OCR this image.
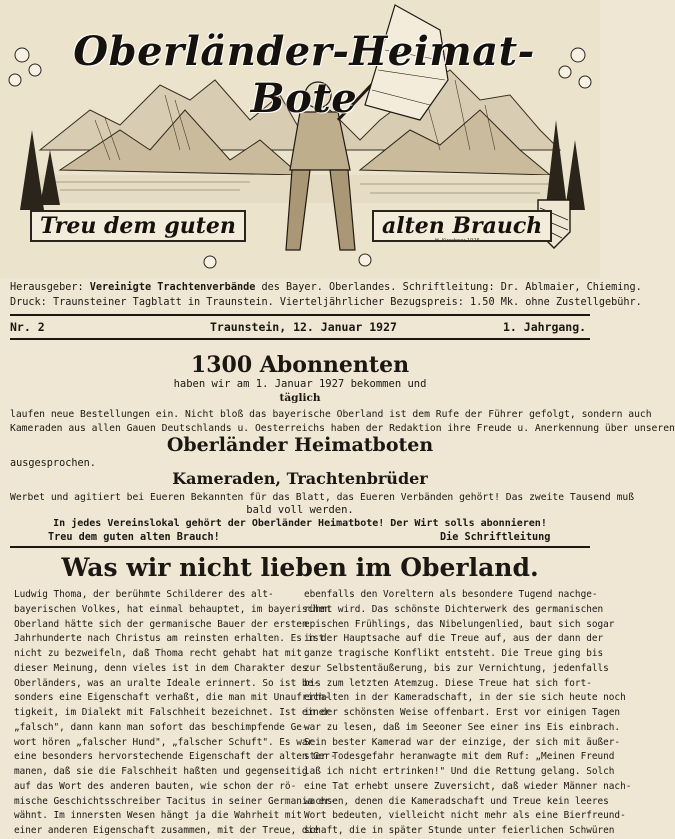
Oberländer-Heimat-Bote
Treu dem guten	alten Brauch
H. Kirschner 1926
Herausgeber: Vereinigte Trachtenverbände des Bayer. Oberlandes. Schriftleitung: Dr. Ablmaier, Chieming.
Druck: Traunsteiner Tagblatt in Traunstein. Vierteljährlicher Bezugspreis: 1.50 Mk. ohne Zustellgebühr.
Nr. 2	Traunstein, 12. Januar 1927	1. Jahrgang.
1300 Abonnenten
haben wir am 1. Januar 1927 bekommen und
täglich
laufen neue Bestellungen ein. Nicht bloß das bayerische Oberland ist dem Rufe der Führer gefolgt, sondern auch
Kameraden aus allen Gauen Deutschlands u. Oesterreichs haben der Redaktion ihre Freude u. Anerkennung über unseren
Oberländer Heimatboten
ausgesprochen.
Kameraden, Trachtenbrüder
Werbet und agitiert bei Eueren Bekannten für das Blatt, das Eueren Verbänden gehört! Das zweite Tausend muß
bald voll werden.
In jedes Vereinslokal gehört der Oberländer Heimatbote! Der Wirt solls abonnieren!
Treu dem guten alten Brauch!	Die Schriftleitung
Was wir nicht lieben im Oberland.
Ludwig Thoma, der berühmte Schilderer des alt-
bayerischen Volkes, hat einmal behauptet, im bayerischen
Oberland hätte sich der germanische Bauer der ersten
Jahrhunderte nach Christus am reinsten erhalten. Es ist
nicht zu bezweifeln, daß Thoma recht gehabt hat mit
dieser Meinung, denn vieles ist in dem Charakter des
Oberländers, was an uralte Ideale erinnert. So ist be-
sonders eine Eigenschaft verhaßt, die man mit Unaufrich-
tigkeit, im Dialekt mit Falschheit bezeichnet. Ist einer
„falsch", dann kann man sofort das beschimpfende Ge-
wort hören „falscher Hund", „falscher Schuft". Es war
eine besonders hervorstechende Eigenschaft der alten Ger-
manen, daß sie die Falschheit haßten und gegenseitig
auf das Wort des anderen bauten, wie schon der rö-
mische Geschichtsschreiber Tacitus in seiner Germania er-
wähnt. Im innersten Wesen hängt ja die Wahrheit mit
einer anderen Eigenschaft zusammen, mit der Treue, die
ebenfalls den Voreltern als besondere Tugend nachge-
rühmt wird. Das schönste Dichterwerk des germanischen
epischen Frühlings, das Nibelungenlied, baut sich sogar
in der Hauptsache auf die Treue auf, aus der dann der
ganze tragische Konflikt entsteht. Die Treue ging bis
zur Selbstentäußerung, bis zur Vernichtung, jedenfalls
bis zum letzten Atemzug. Diese Treue hat sich fort-
erhalten in der Kameradschaft, in der sie sich heute noch
in der schönsten Weise offenbart. Erst vor einigen Tagen
war zu lesen, daß im Seeoner See einer ins Eis einbrach.
Sein bester Kamerad war der einzige, der sich mit äußer-
ster Todesgefahr heranwagte mit dem Ruf: „Meinen Freund
laß ich nicht ertrinken!" Und die Rettung gelang. Solch
eine Tat erhebt unsere Zuversicht, daß wieder Männer nach-
wachsen, denen die Kameradschaft und Treue kein leeres
Wort bedeuten, vielleicht nicht mehr als eine Bierfreund-
schaft, die in später Stunde unter feierlichen Schwüren
